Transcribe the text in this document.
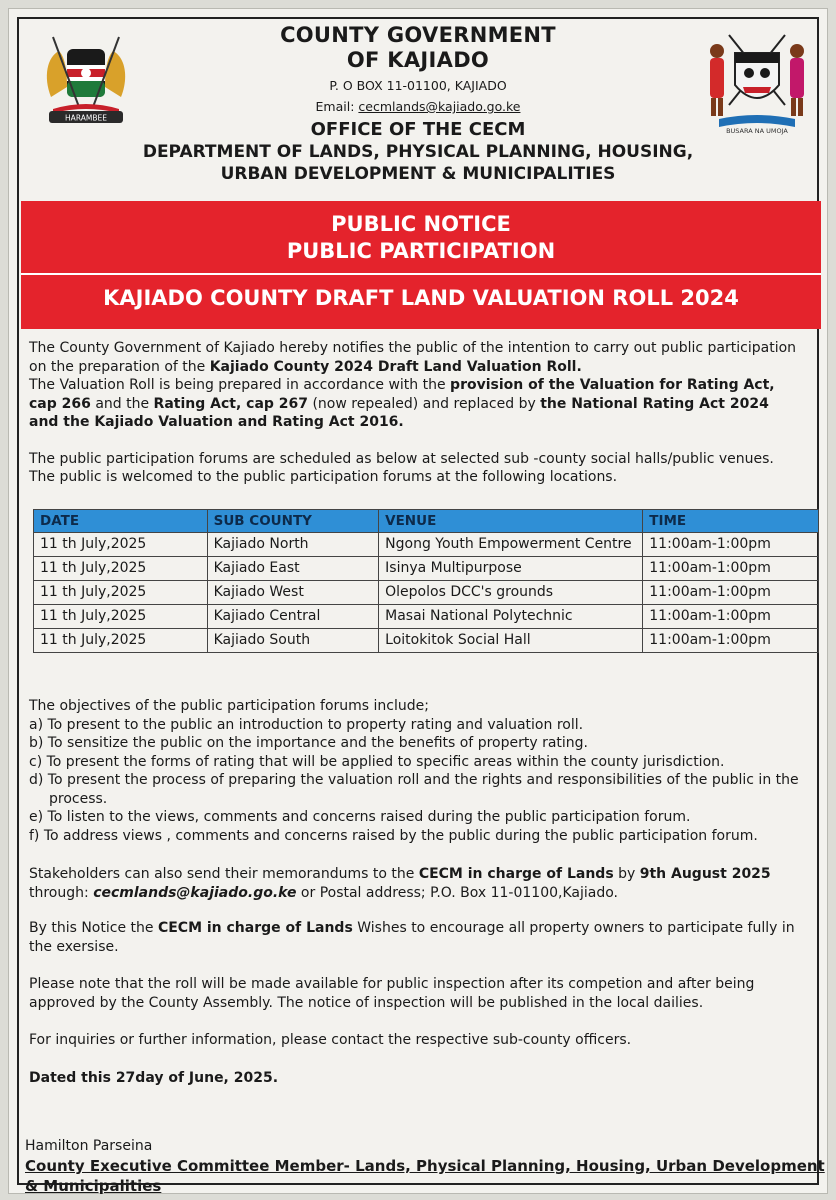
HARAMBEE
BUSARA NA UMOJA
COUNTY GOVERNMENT
OF KAJIADO
P. O BOX 11-01100, KAJIADO
Email: cecmlands@kajiado.go.ke
OFFICE OF THE CECM
DEPARTMENT OF LANDS, PHYSICAL PLANNING, HOUSING,
URBAN DEVELOPMENT & MUNICIPALITIES
PUBLIC NOTICE
PUBLIC PARTICIPATION
KAJIADO COUNTY DRAFT LAND VALUATION ROLL 2024

The County Government of Kajiado hereby notifies the public of the intention to carry out public participation on the preparation of the Kajiado County 2024 Draft Land Valuation Roll.

The Valuation Roll is being prepared in accordance with the provision of the Valuation for Rating Act, cap 266 and the Rating Act, cap 267 (now repealed) and replaced by the National Rating Act 2024 and the Kajiado Valuation and Rating Act 2016.

The public participation forums are scheduled as below at selected sub -county social halls/public venues. The public is welcomed to the public participation forums at the following locations.

DATE	SUB COUNTY	VENUE	TIME
11 th July,2025	Kajiado North	Ngong Youth Empowerment Centre	11:00am-1:00pm
11 th July,2025	Kajiado East	Isinya Multipurpose	11:00am-1:00pm
11 th July,2025	Kajiado West	Olepolos DCC's grounds	11:00am-1:00pm
11 th July,2025	Kajiado Central	Masai National Polytechnic	11:00am-1:00pm
11 th July,2025	Kajiado South	Loitokitok Social Hall	11:00am-1:00pm

The objectives of the public participation forums include;

a) To present to the public an introduction to property rating and valuation roll.

b) To sensitize the public on the importance and the benefits of property rating.

c) To present the forms of rating that will be applied to specific areas within the county jurisdiction.

d) To present the process of preparing the valuation roll and the rights and responsibilities of the public in the process.

e) To listen to the views, comments and concerns raised during the public participation forum.

f) To address views , comments and concerns raised by the public during the public participation forum.

Stakeholders can also send their memorandums to the CECM in charge of Lands by 9th August 2025 through: cecmlands@kajiado.go.ke or Postal address; P.O. Box 11-01100,Kajiado.

By this Notice the CECM in charge of Lands Wishes to encourage all property owners to participate fully in the exersise.

Please note that the roll will be made available for public inspection after its competion and after being approved by the County Assembly. The notice of inspection will be published in the local dailies.
For inquiries or further information, please contact the respective sub-county officers.
Dated this 27day of June, 2025.
Hamilton Parseina
County Executive Committee Member- Lands, Physical Planning, Housing, Urban Development & Municipalities
